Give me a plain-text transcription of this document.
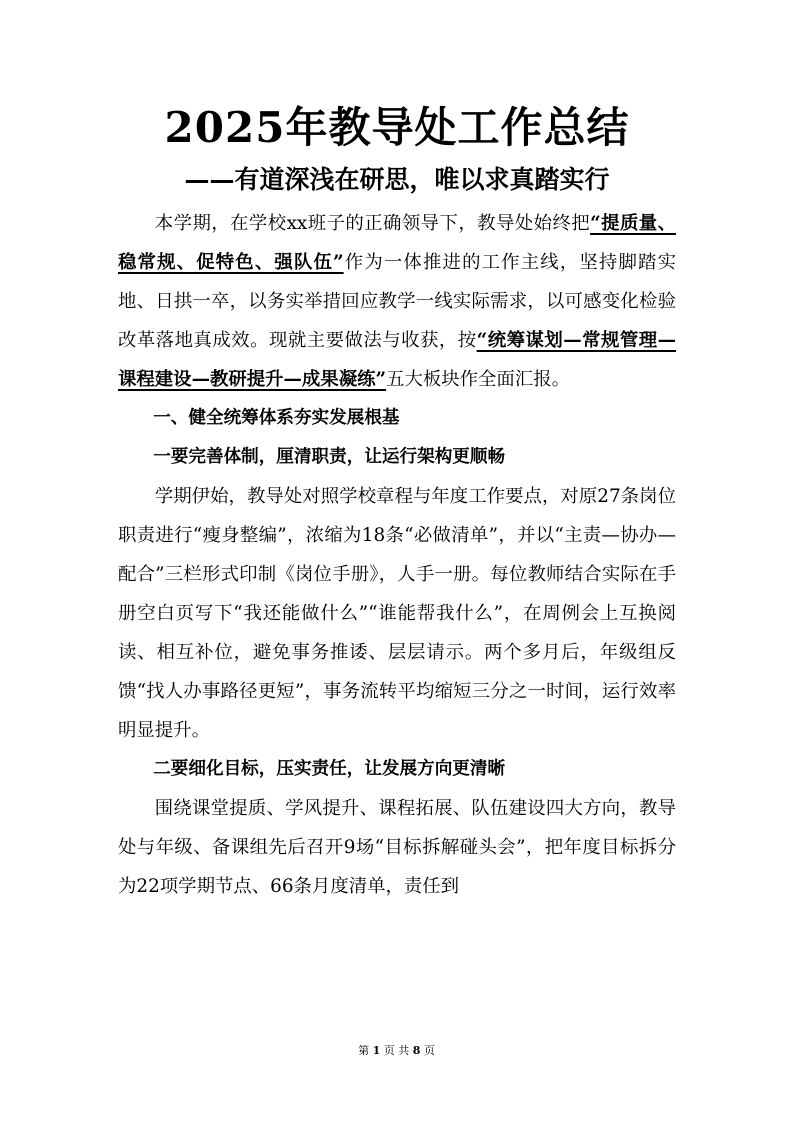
2025年教导处工作总结
——有道深浅在研思，唯以求真踏实行

本学期，在学校xx班子的正确领导下，教导处始终把“提质量、稳常规、促特色、强队伍”作为一体推进的工作主线，坚持脚踏实地、日拱一卒，以务实举措回应教学一线实际需求，以可感变化检验改革落地真成效。现就主要做法与收获，按“统筹谋划—常规管理—课程建设—教研提升—成果凝练”五大板块作全面汇报。

一、健全统筹体系夯实发展根基

一要完善体制，厘清职责，让运行架构更顺畅

学期伊始，教导处对照学校章程与年度工作要点，对原27条岗位职责进行“瘦身整编”，浓缩为18条“必做清单”，并以“主责—协办—配合”三栏形式印制《岗位手册》，人手一册。每位教师结合实际在手册空白页写下“我还能做什么”“谁能帮我什么”，在周例会上互换阅读、相互补位，避免事务推诿、层层请示。两个多月后，年级组反馈“找人办事路径更短”，事务流转平均缩短三分之一时间，运行效率明显提升。

二要细化目标，压实责任，让发展方向更清晰

围绕课堂提质、学风提升、课程拓展、队伍建设四大方向，教导处与年级、备课组先后召开9场“目标拆解碰头会”，把年度目标拆分为22项学期节点、66条月度清单，责任到

第 1 页 共 8 页
